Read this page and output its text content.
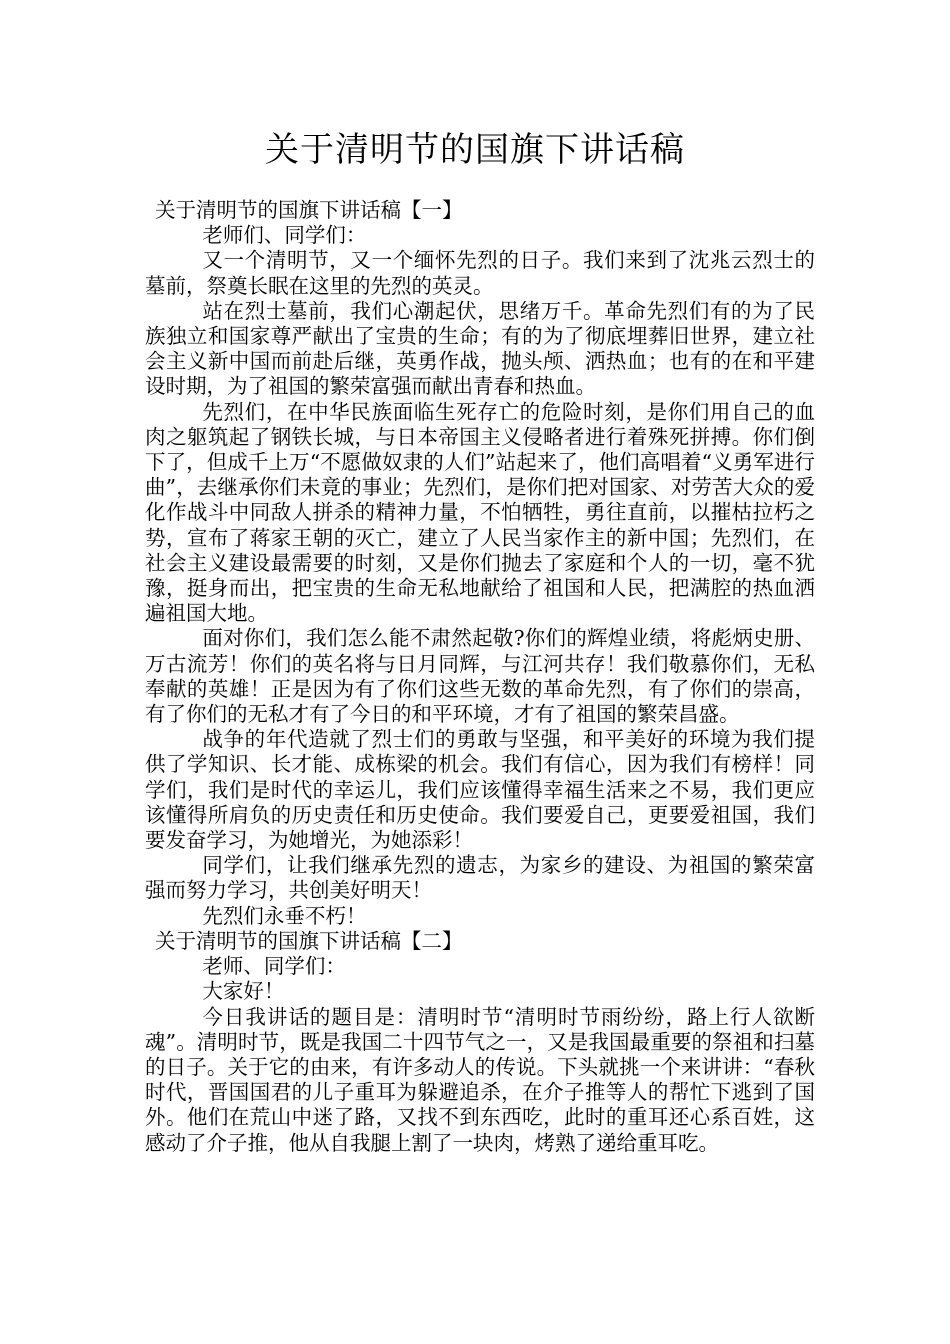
关于清明节的国旗下讲话稿
关于清明节的国旗下讲话稿【一】

老师们、同学们：

又一个清明节，又一个缅怀先烈的日子。我们来到了沈兆云烈士的墓前，祭奠长眠在这里的先烈的英灵。

站在烈士墓前，我们心潮起伏，思绪万千。革命先烈们有的为了民族独立和国家尊严献出了宝贵的生命；有的为了彻底埋葬旧世界，建立社会主义新中国而前赴后继，英勇作战，抛头颅、洒热血；也有的在和平建设时期，为了祖国的繁荣富强而献出青春和热血。

先烈们，在中华民族面临生死存亡的危险时刻，是你们用自己的血肉之躯筑起了钢铁长城，与日本帝国主义侵略者进行着殊死拼搏。你们倒下了，但成千上万“不愿做奴隶的人们”站起来了，他们高唱着“义勇军进行曲”，去继承你们未竟的事业；先烈们，是你们把对国家、对劳苦大众的爱化作战斗中同敌人拼杀的精神力量，不怕牺牲，勇往直前，以摧枯拉朽之势，宣布了蒋家王朝的灭亡，建立了人民当家作主的新中国；先烈们，在社会主义建设最需要的时刻，又是你们抛去了家庭和个人的一切，毫不犹豫，挺身而出，把宝贵的生命无私地献给了祖国和人民，把满腔的热血洒遍祖国大地。

面对你们，我们怎么能不肃然起敬?你们的辉煌业绩，将彪炳史册、万古流芳！你们的英名将与日月同辉，与江河共存！我们敬慕你们，无私奉献的英雄！正是因为有了你们这些无数的革命先烈，有了你们的崇高，有了你们的无私才有了今日的和平环境，才有了祖国的繁荣昌盛。

战争的年代造就了烈士们的勇敢与坚强，和平美好的环境为我们提供了学知识、长才能、成栋梁的机会。我们有信心，因为我们有榜样！同学们，我们是时代的幸运儿，我们应该懂得幸福生活来之不易，我们更应该懂得所肩负的历史责任和历史使命。我们要爱自己，更要爱祖国，我们要发奋学习，为她增光，为她添彩！

同学们，让我们继承先烈的遗志，为家乡的建设、为祖国的繁荣富强而努力学习，共创美好明天！

先烈们永垂不朽！

关于清明节的国旗下讲话稿【二】

老师、同学们：

大家好！

今日我讲话的题目是：清明时节“清明时节雨纷纷，路上行人欲断魂”。清明时节，既是我国二十四节气之一，又是我国最重要的祭祖和扫墓的日子。关于它的由来，有许多动人的传说。下头就挑一个来讲讲：“春秋时代，晋国国君的儿子重耳为躲避追杀，在介子推等人的帮忙下逃到了国外。他们在荒山中迷了路，又找不到东西吃，此时的重耳还心系百姓，这感动了介子推，他从自我腿上割了一块肉，烤熟了递给重耳吃。
